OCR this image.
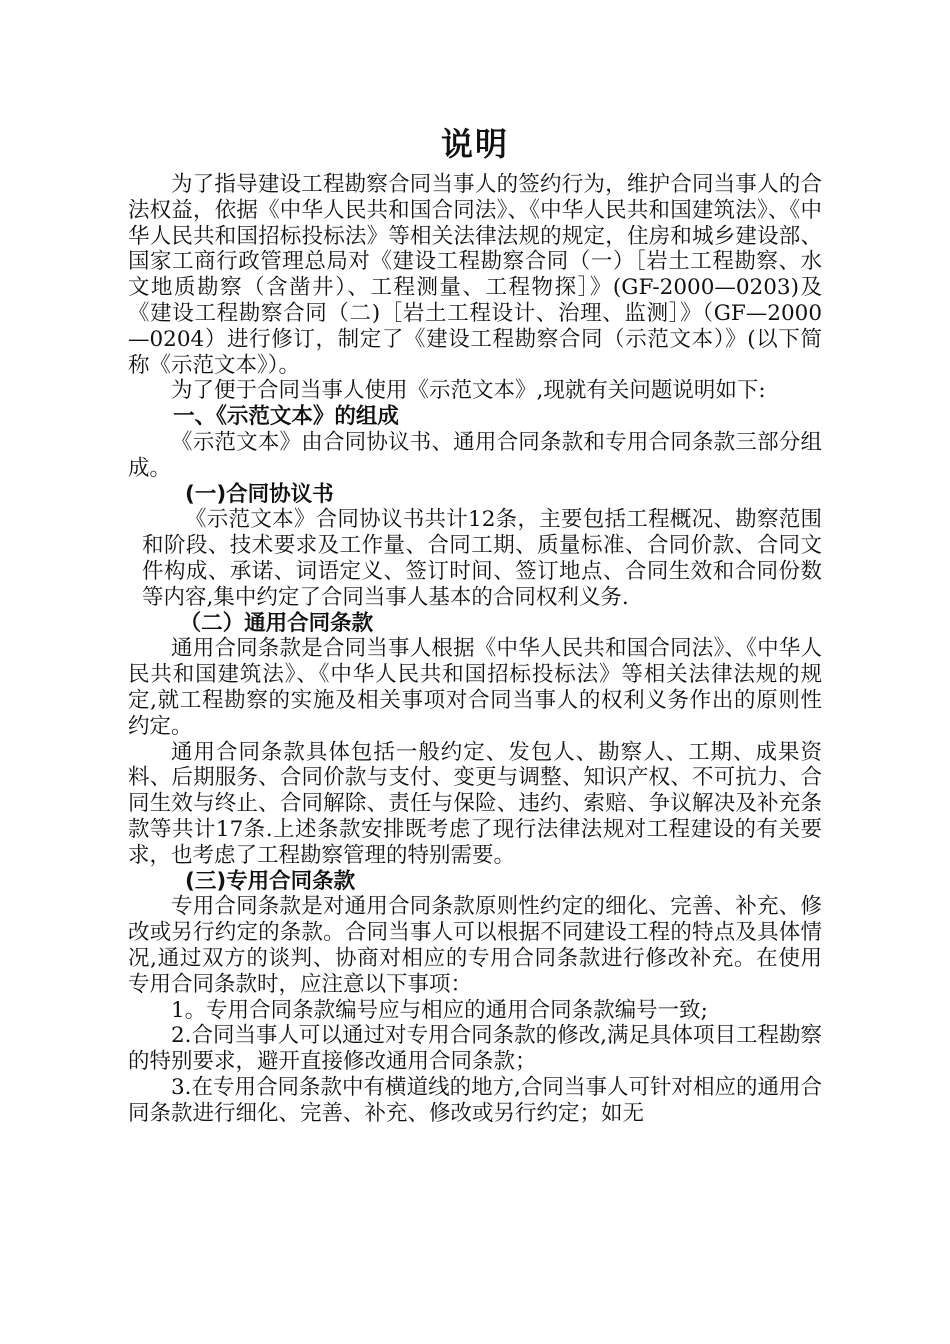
说明

为了指导建设工程勘察合同当事人的签约行为，维护合同当事人的合法权益，依据《中华人民共和国合同法》、《中华人民共和国建筑法》、《中华人民共和国招标投标法》等相关法律法规的规定，住房和城乡建设部、国家工商行政管理总局对《建设工程勘察合同（一）［岩土工程勘察、水文地质勘察（含凿井）、工程测量、工程物探］》(GF-2000—0203)及《建设工程勘察合同（二)［岩土工程设计、治理、监测］》（GF—2000—0204）进行修订，制定了《建设工程勘察合同（示范文本）》(以下简称《示范文本》）。

为了便于合同当事人使用《示范文本》,现就有关问题说明如下:

一、《示范文本》的组成

《示范文本》由合同协议书、通用合同条款和专用合同条款三部分组成。

(一)合同协议书

《示范文本》合同协议书共计12条，主要包括工程概况、勘察范围和阶段、技术要求及工作量、合同工期、质量标准、合同价款、合同文件构成、承诺、词语定义、签订时间、签订地点、合同生效和合同份数等内容,集中约定了合同当事人基本的合同权利义务.

（二）通用合同条款

通用合同条款是合同当事人根据《中华人民共和国合同法》、《中华人民共和国建筑法》、《中华人民共和国招标投标法》等相关法律法规的规定,就工程勘察的实施及相关事项对合同当事人的权利义务作出的原则性约定。

通用合同条款具体包括一般约定、发包人、勘察人、工期、成果资料、后期服务、合同价款与支付、变更与调整、知识产权、不可抗力、合同生效与终止、合同解除、责任与保险、违约、索赔、争议解决及补充条款等共计17条.上述条款安排既考虑了现行法律法规对工程建设的有关要求，也考虑了工程勘察管理的特别需要。

(三)专用合同条款

专用合同条款是对通用合同条款原则性约定的细化、完善、补充、修改或另行约定的条款。合同当事人可以根据不同建设工程的特点及具体情况,通过双方的谈判、协商对相应的专用合同条款进行修改补充。在使用专用合同条款时，应注意以下事项：

1。专用合同条款编号应与相应的通用合同条款编号一致;

2.合同当事人可以通过对专用合同条款的修改,满足具体项目工程勘察的特别要求，避开直接修改通用合同条款；

3.在专用合同条款中有横道线的地方,合同当事人可针对相应的通用合同条款进行细化、完善、补充、修改或另行约定；如无
